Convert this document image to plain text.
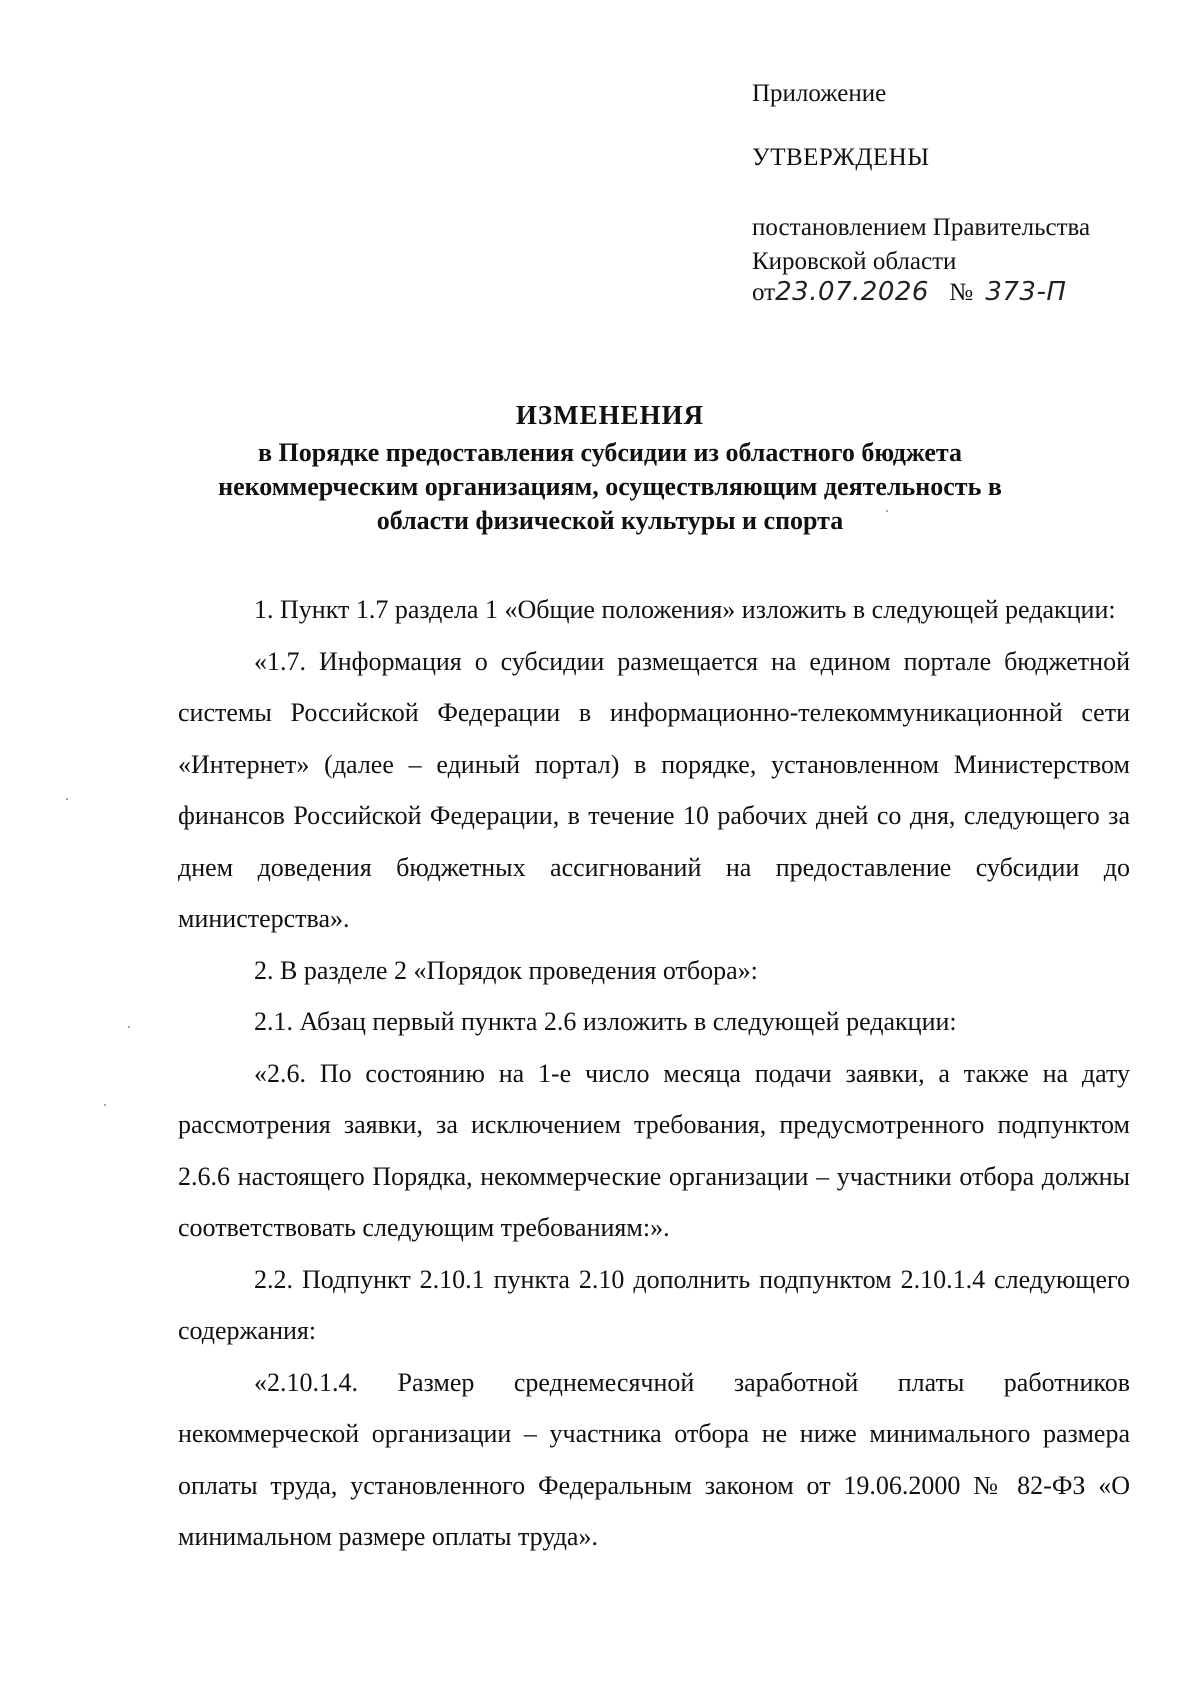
Приложение
УТВЕРЖДЕНЫ
постановлением Правительства
Кировской области
от23.07.2026 № 373-П
ИЗМЕНЕНИЯ
в Порядке предоставления субсидии из областного бюджета некоммерческим организациям, осуществляющим деятельность в области физической культуры и спорта

1. Пункт 1.7 раздела 1 «Общие положения» изложить в следующей редакции:

«1.7. Информация о субсидии размещается на едином портале бюджетной системы Российской Федерации в информационно-телекоммуникационной сети «Интернет» (далее – единый портал) в порядке, установленном Министерством финансов Российской Федерации, в течение 10 рабочих дней со дня, следующего за днем доведения бюджетных ассигнований на предоставление субсидии до министерства».

2. В разделе 2 «Порядок проведения отбора»:

2.1. Абзац первый пункта 2.6 изложить в следующей редакции:

«2.6. По состоянию на 1-е число месяца подачи заявки, а также на дату рассмотрения заявки, за исключением требования, предусмотренного подпунктом 2.6.6 настоящего Порядка, некоммерческие организации – участники отбора должны соответствовать следующим требованиям:».

2.2. Подпункт 2.10.1 пункта 2.10 дополнить подпунктом 2.10.1.4 следующего содержания:

«2.10.1.4. Размер среднемесячной заработной платы работников некоммерческой организации – участника отбора не ниже минимального размера оплаты труда, установленного Федеральным законом от 19.06.2000 № 82-ФЗ «О минимальном размере оплаты труда».
